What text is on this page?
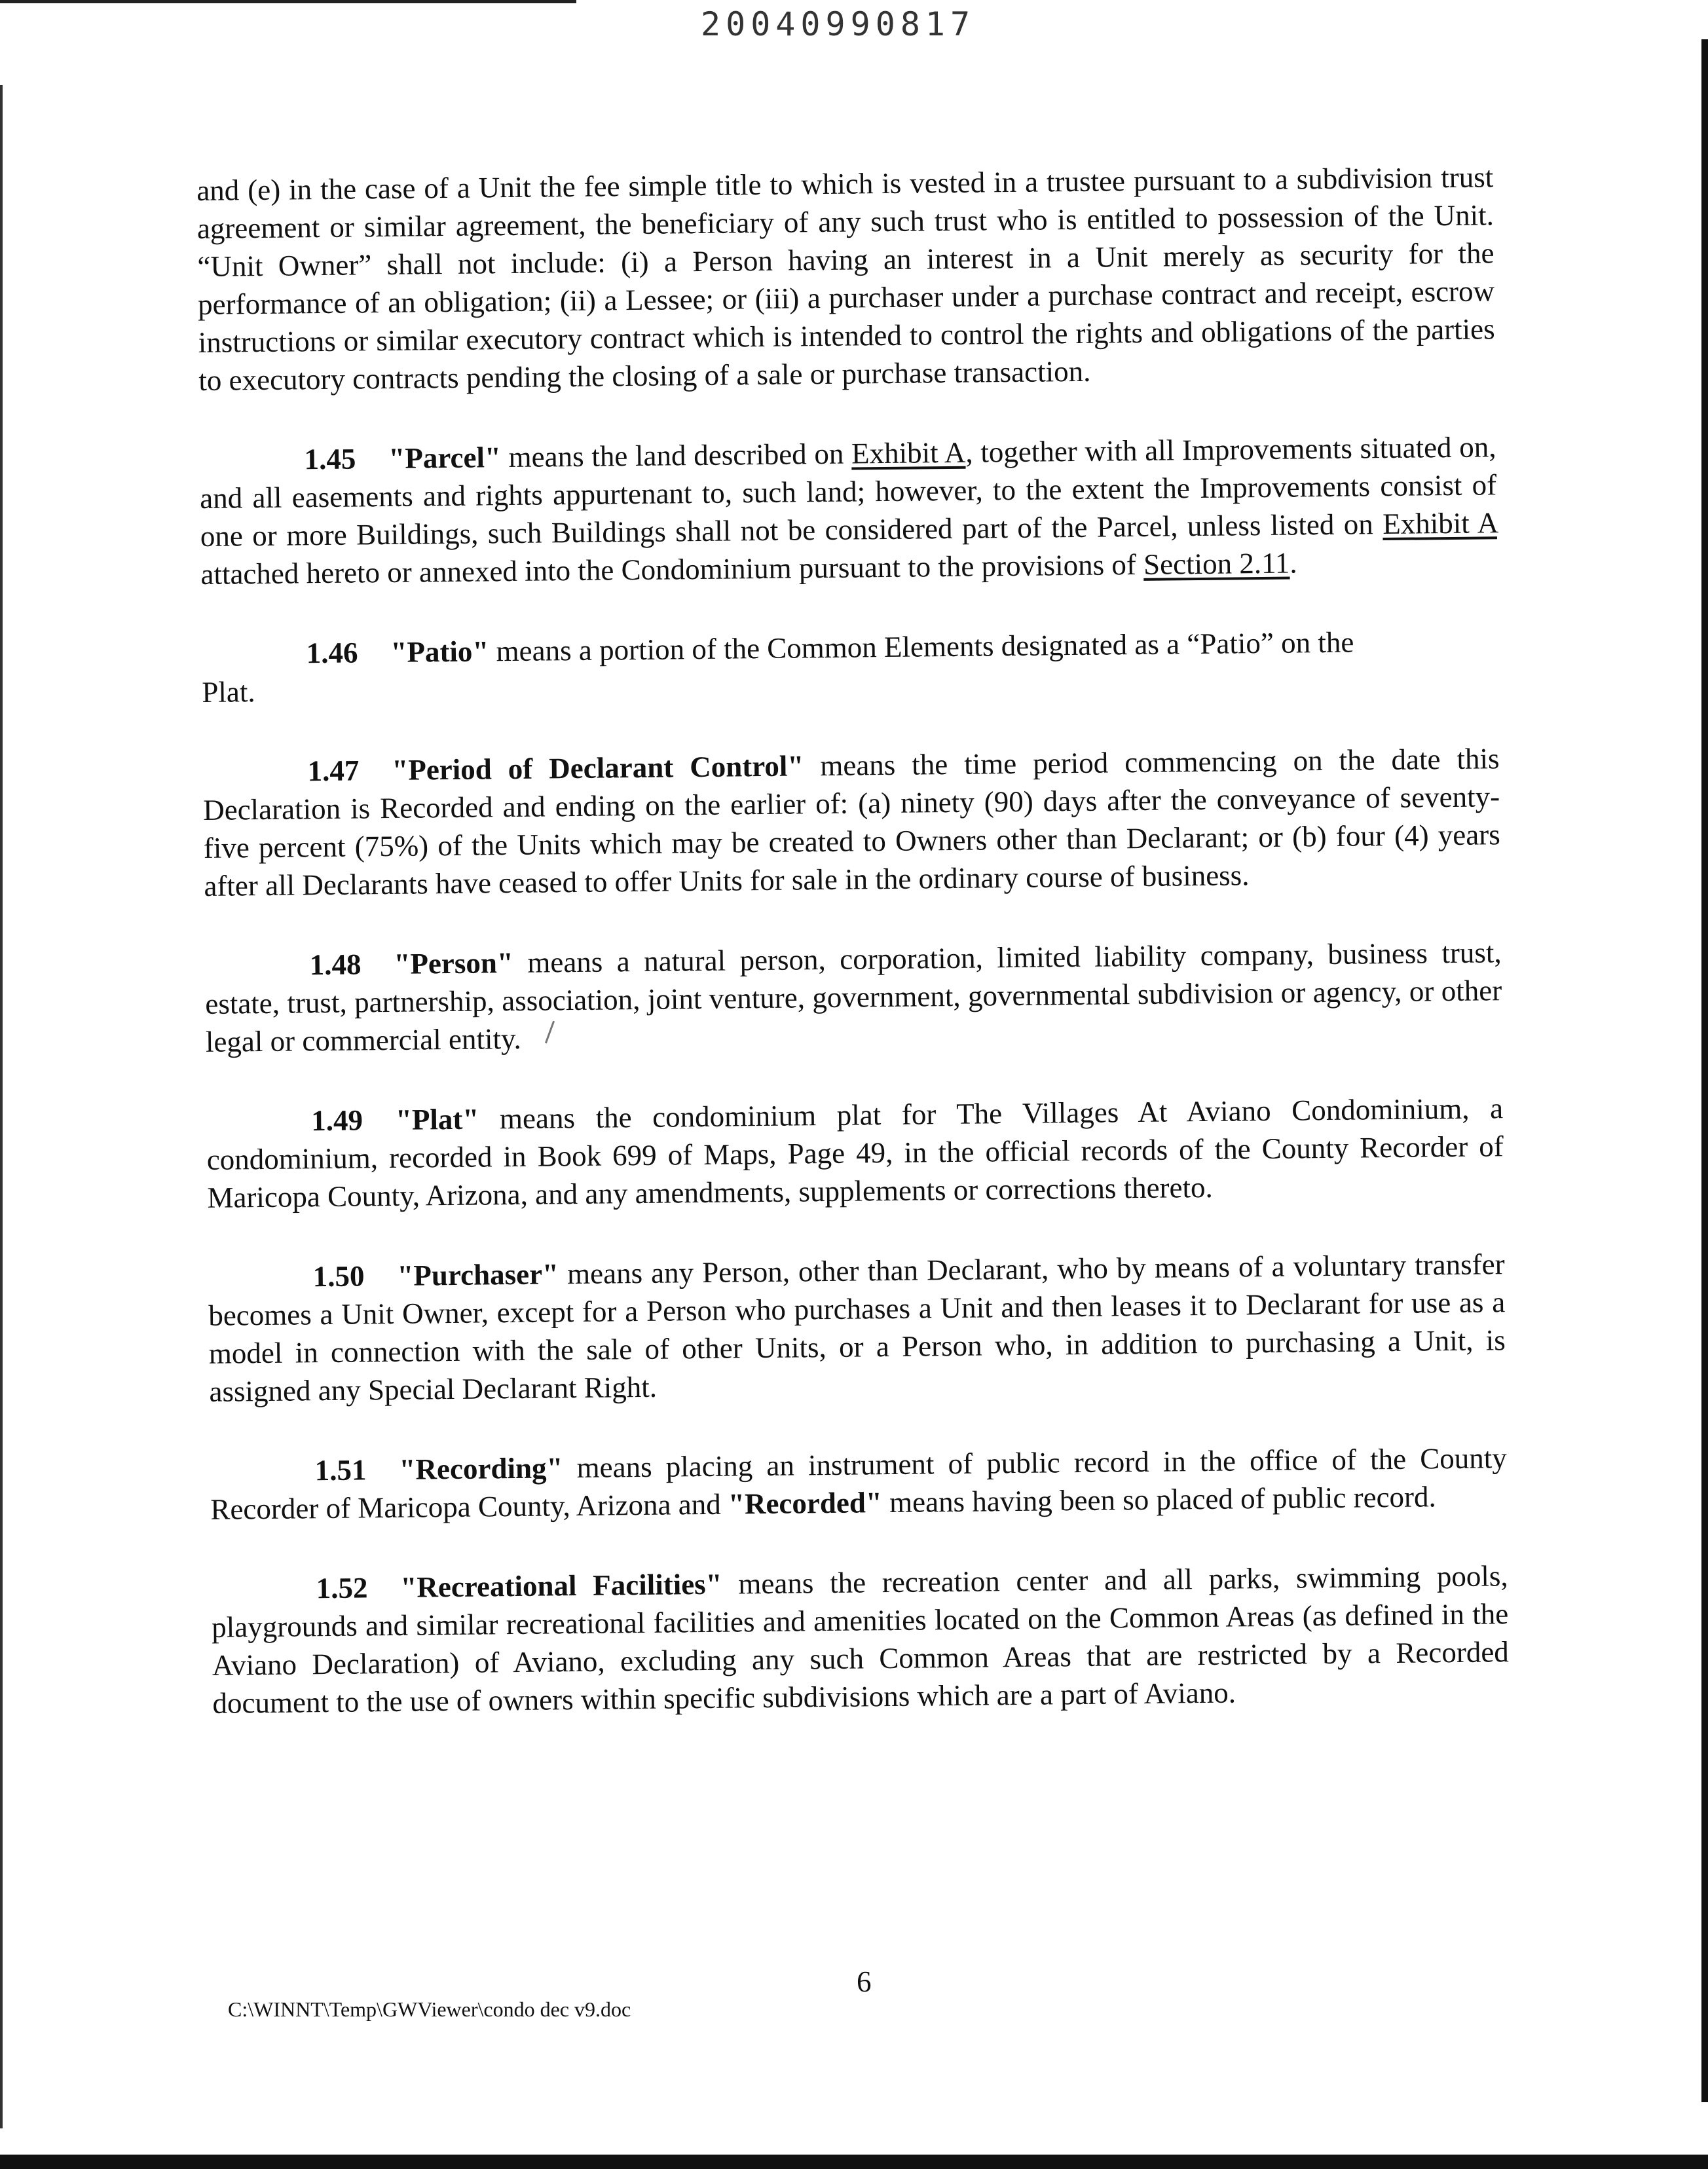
20040990817

and (e) in the case of a Unit the fee simple title to which is vested in a trustee pursuant to a subdivision trust agreement or similar agreement, the beneficiary of any such trust who is entitled to possession of the Unit. “Unit Owner” shall not include: (i) a Person having an interest in a Unit merely as security for the performance of an obligation; (ii) a Lessee; or (iii) a purchaser under a purchase contract and receipt, escrow instructions or similar executory contract which is intended to control the rights and obligations of the parties to executory contracts pending the closing of a sale or purchase transaction.

1.45 "Parcel" means the land described on Exhibit A, together with all Improvements situated on, and all easements and rights appurtenant to, such land; however, to the extent the Improvements consist of one or more Buildings, such Buildings shall not be considered part of the Parcel, unless listed on Exhibit A attached hereto or annexed into the Condominium pursuant to the provisions of Section 2.11.

1.46 "Patio" means a portion of the Common Elements designated as a “Patio” on the
Plat.

1.47 "Period of Declarant Control" means the time period commencing on the date this Declaration is Recorded and ending on the earlier of: (a) ninety (90) days after the conveyance of seventy-five percent (75%) of the Units which may be created to Owners other than Declarant; or (b) four (4) years after all Declarants have ceased to offer Units for sale in the ordinary course of business.

1.48 "Person" means a natural person, corporation, limited liability company, business trust, estate, trust, partnership, association, joint venture, government, governmental subdivision or agency, or other legal or commercial entity.

1.49 "Plat" means the condominium plat for The Villages At Aviano Condominium, a condominium, recorded in Book 699 of Maps, Page 49, in the official records of the County Recorder of Maricopa County, Arizona, and any amendments, supplements or corrections thereto.

1.50 "Purchaser" means any Person, other than Declarant, who by means of a voluntary transfer becomes a Unit Owner, except for a Person who purchases a Unit and then leases it to Declarant for use as a model in connection with the sale of other Units, or a Person who, in addition to purchasing a Unit, is assigned any Special Declarant Right.

1.51 "Recording" means placing an instrument of public record in the office of the County Recorder of Maricopa County, Arizona and "Recorded" means having been so placed of public record.

1.52 "Recreational Facilities" means the recreation center and all parks, swimming pools, playgrounds and similar recreational facilities and amenities located on the Common Areas (as defined in the Aviano Declaration) of Aviano, excluding any such Common Areas that are restricted by a Recorded document to the use of owners within specific subdivisions which are a part of Aviano.

6
C:\WINNT\Temp\GWViewer\condo dec v9.doc
